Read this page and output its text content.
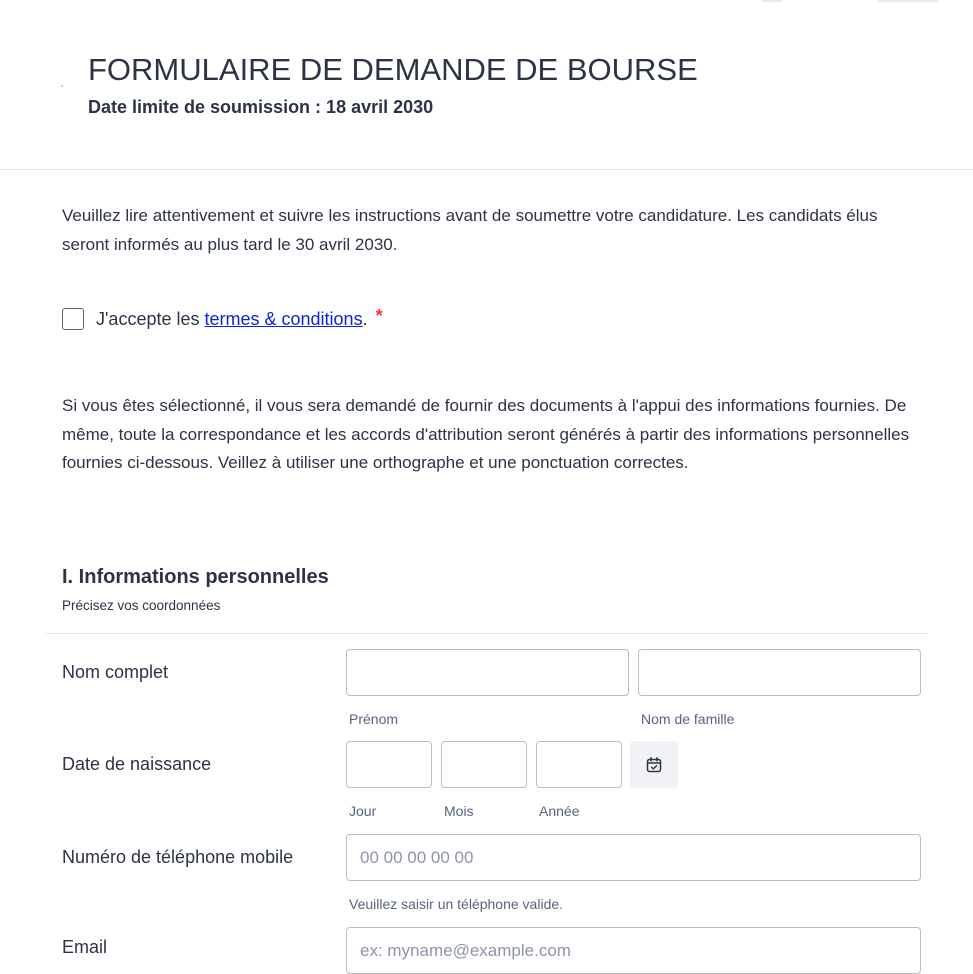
FORMULAIRE DE DEMANDE DE BOURSE
Date limite de soumission : 18 avril 2030

Veuillez lire attentivement et suivre les instructions avant de soumettre votre candidature. Les candidats élus seront informés au plus tard le 30 avril 2030.

J'accepte les termes & conditions . *

Si vous êtes sélectionné, il vous sera demandé de fournir des documents à l'appui des informations fournies. De même, toute la correspondance et les accords d'attribution seront générés à partir des informations personnelles fournies ci-dessous. Veillez à utiliser une orthographe et une ponctuation correctes.

I. Informations personnelles
Précisez vos coordonnées
Nom complet
Prénom	Nom de famille
Date de naissance
Jour	Mois	Année
Numéro de téléphone mobile
00 00 00 00 00
Veuillez saisir un téléphone valide.
Email
ex: myname@example.com
